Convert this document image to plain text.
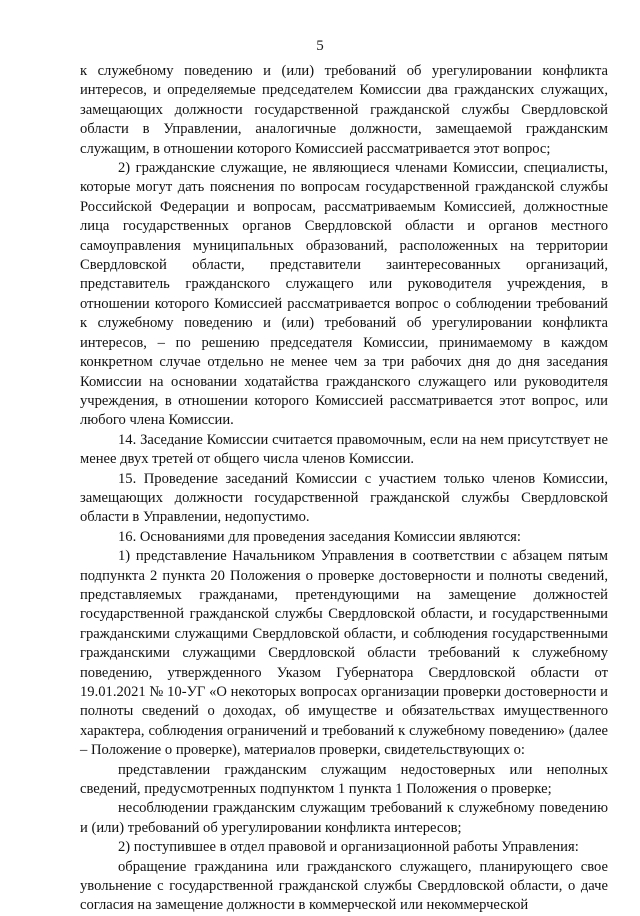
5

к служебному поведению и (или) требований об урегулировании конфликта интересов, и определяемые председателем Комиссии два гражданских служащих, замещающих должности государственной гражданской службы Свердловской области в Управлении, аналогичные должности, замещаемой гражданским служащим, в отношении которого Комиссией рассматривается этот вопрос;

2) гражданские служащие, не являющиеся членами Комиссии, специалисты, которые могут дать пояснения по вопросам государственной гражданской службы Российской Федерации и вопросам, рассматриваемым Комиссией, должностные лица государственных органов Свердловской области и органов местного самоуправления муниципальных образований, расположенных на территории Свердловской области, представители заинтересованных организаций, представитель гражданского служащего или руководителя учреждения, в отношении которого Комиссией рассматривается вопрос о соблюдении требований к служебному поведению и (или) требований об урегулировании конфликта интересов, – по решению председателя Комиссии, принимаемому в каждом конкретном случае отдельно не менее чем за три рабочих дня до дня заседания Комиссии на основании ходатайства гражданского служащего или руководителя учреждения, в отношении которого Комиссией рассматривается этот вопрос, или любого члена Комиссии.

14. Заседание Комиссии считается правомочным, если на нем присутствует не менее двух третей от общего числа членов Комиссии.

15. Проведение заседаний Комиссии с участием только членов Комиссии, замещающих должности государственной гражданской службы Свердловской области в Управлении, недопустимо.

16. Основаниями для проведения заседания Комиссии являются:

1) представление Начальником Управления в соответствии с абзацем пятым подпункта 2 пункта 20 Положения о проверке достоверности и полноты сведений, представляемых гражданами, претендующими на замещение должностей государственной гражданской службы Свердловской области, и государственными гражданскими служащими Свердловской области, и соблюдения государственными гражданскими служащими Свердловской области требований к служебному поведению, утвержденного Указом Губернатора Свердловской области от 19.01.2021 № 10-УГ «О некоторых вопросах организации проверки достоверности и полноты сведений о доходах, об имуществе и обязательствах имущественного характера, соблюдения ограничений и требований к служебному поведению» (далее – Положение о проверке), материалов проверки, свидетельствующих о:

представлении гражданским служащим недостоверных или неполных сведений, предусмотренных подпунктом 1 пункта 1 Положения о проверке;

несоблюдении гражданским служащим требований к служебному поведению и (или) требований об урегулировании конфликта интересов;

2) поступившее в отдел правовой и организационной работы Управления:

обращение гражданина или гражданского служащего, планирующего свое увольнение с государственной гражданской службы Свердловской области, о даче согласия на замещение должности в коммерческой или некоммерческой
